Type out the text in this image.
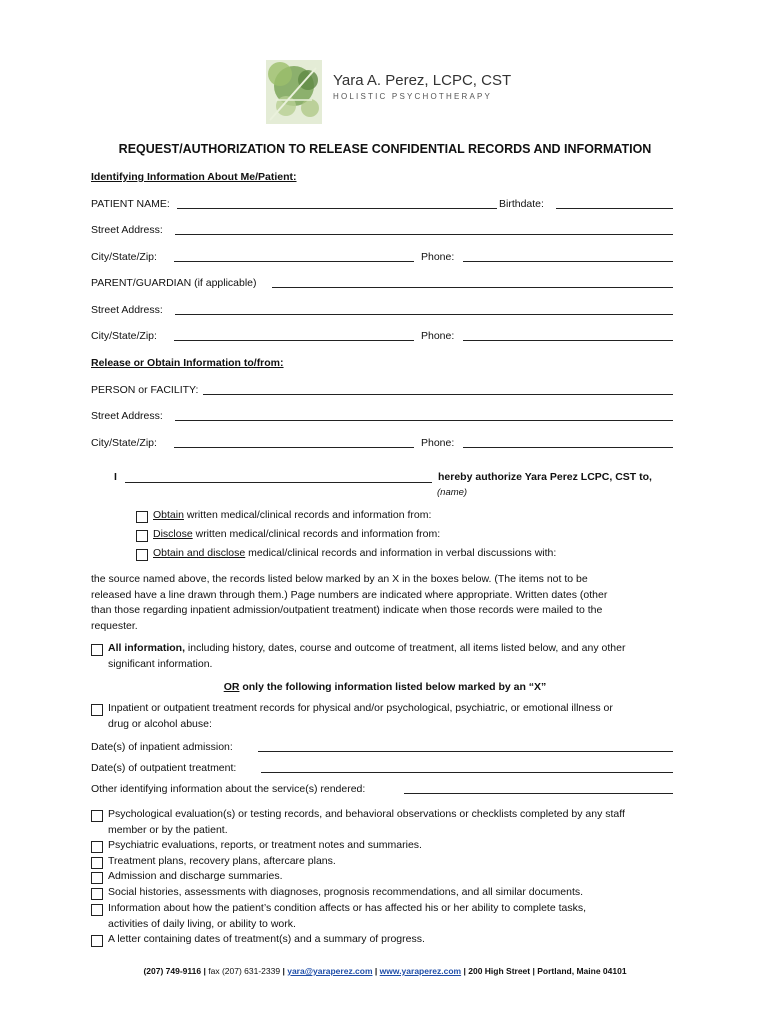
Yara A. Perez, LCPC, CST
HOLISTIC PSYCHOTHERAPY
REQUEST/AUTHORIZATION TO RELEASE CONFIDENTIAL RECORDS AND INFORMATION
Identifying Information About Me/Patient:
PATIENT NAME:	Birthdate:
Street Address:
City/State/Zip:	Phone:
PARENT/GUARDIAN (if applicable)
Street Address:
City/State/Zip:	Phone:
Release or Obtain Information to/from:
PERSON or FACILITY:
Street Address:
City/State/Zip:	Phone:
I	hereby authorize Yara Perez LCPC, CST to,
(name)
Obtain written medical/clinical records and information from:
Disclose written medical/clinical records and information from:
Obtain and disclose medical/clinical records and information in verbal discussions with:
the source named above, the records listed below marked by an X in the boxes below. (The items not to be
released have a line drawn through them.) Page numbers are indicated where appropriate. Written dates (other
than those regarding inpatient admission/outpatient treatment) indicate when those records were mailed to the
requester.
All information, including history, dates, course and outcome of treatment, all items listed below, and any other
significant information.
OR only the following information listed below marked by an “X”
Inpatient or outpatient treatment records for physical and/or psychological, psychiatric, or emotional illness or
drug or alcohol abuse:
Date(s) of inpatient admission:
Date(s) of outpatient treatment:
Other identifying information about the service(s) rendered:
Psychological evaluation(s) or testing records, and behavioral observations or checklists completed by any staff
member or by the patient.
Psychiatric evaluations, reports, or treatment notes and summaries.
Treatment plans, recovery plans, aftercare plans.
Admission and discharge summaries.
Social histories, assessments with diagnoses, prognosis recommendations, and all similar documents.
Information about how the patient’s condition affects or has affected his or her ability to complete tasks,
activities of daily living, or ability to work.
A letter containing dates of treatment(s) and a summary of progress.
(207) 749-9116 | fax (207) 631-2339 | yara@yaraperez.com | www.yaraperez.com | 200 High Street | Portland, Maine 04101
